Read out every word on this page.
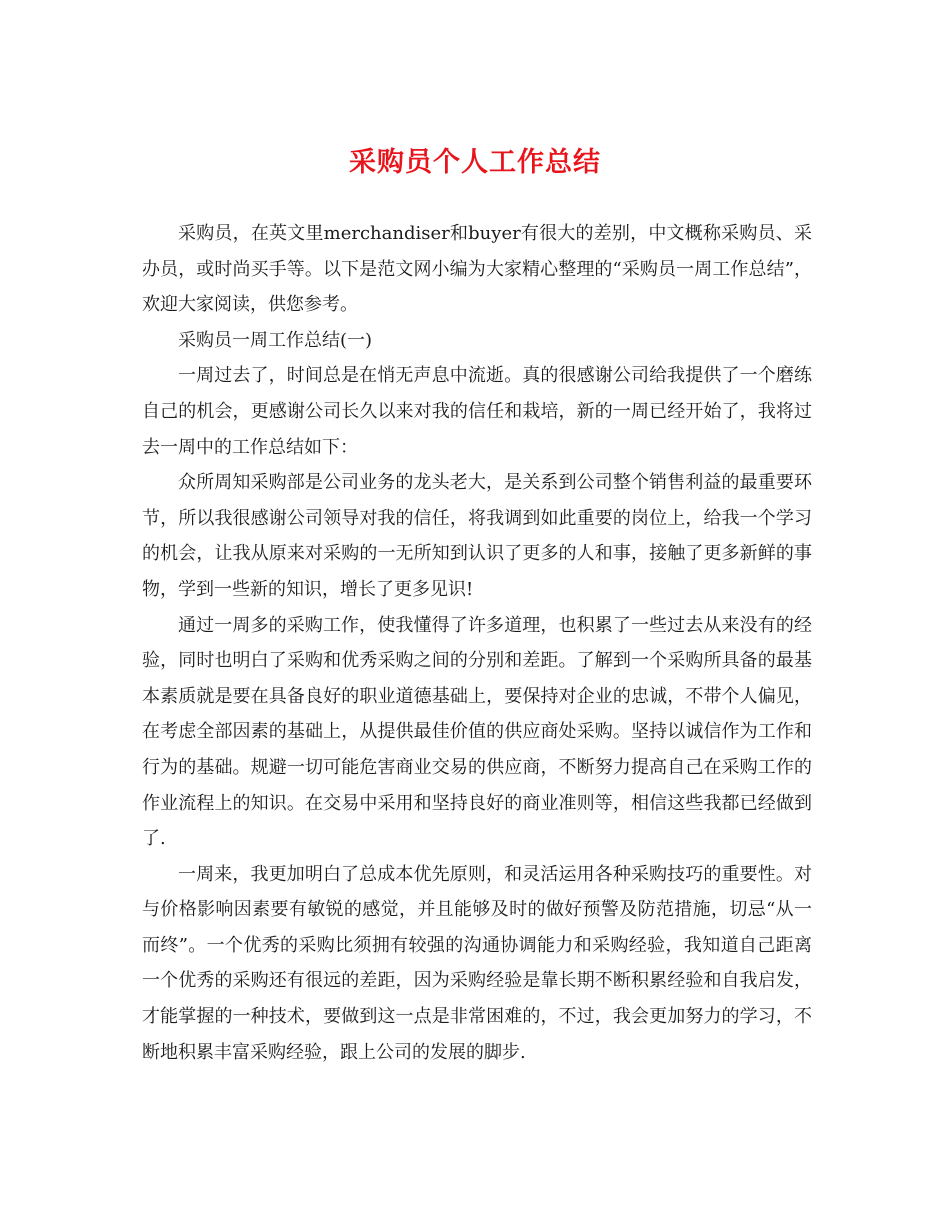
采购员个人工作总结

采购员，在英文里merchandiser和buyer有很大的差别，中文概称采购员、采办员，或时尚买手等。以下是范文网小编为大家精心整理的“采购员一周工作总结”，欢迎大家阅读，供您参考。

采购员一周工作总结(一)

一周过去了，时间总是在悄无声息中流逝。真的很感谢公司给我提供了一个磨练自己的机会，更感谢公司长久以来对我的信任和栽培，新的一周已经开始了，我将过去一周中的工作总结如下：

众所周知采购部是公司业务的龙头老大，是关系到公司整个销售利益的最重要环节，所以我很感谢公司领导对我的信任，将我调到如此重要的岗位上，给我一个学习的机会，让我从原来对采购的一无所知到认识了更多的人和事，接触了更多新鲜的事物，学到一些新的知识，增长了更多见识!

通过一周多的采购工作，使我懂得了许多道理，也积累了一些过去从来没有的经验，同时也明白了采购和优秀采购之间的分别和差距。了解到一个采购所具备的最基本素质就是要在具备良好的职业道德基础上，要保持对企业的忠诚，不带个人偏见，在考虑全部因素的基础上，从提供最佳价值的供应商处采购。坚持以诚信作为工作和行为的基础。规避一切可能危害商业交易的供应商，不断努力提高自己在采购工作的作业流程上的知识。在交易中采用和坚持良好的商业准则等，相信这些我都已经做到了.

一周来，我更加明白了总成本优先原则，和灵活运用各种采购技巧的重要性。对与价格影响因素要有敏锐的感觉，并且能够及时的做好预警及防范措施，切忌“从一而终”。一个优秀的采购比须拥有较强的沟通协调能力和采购经验，我知道自己距离一个优秀的采购还有很远的差距，因为采购经验是靠长期不断积累经验和自我启发，才能掌握的一种技术，要做到这一点是非常困难的，不过，我会更加努力的学习，不断地积累丰富采购经验，跟上公司的发展的脚步.
